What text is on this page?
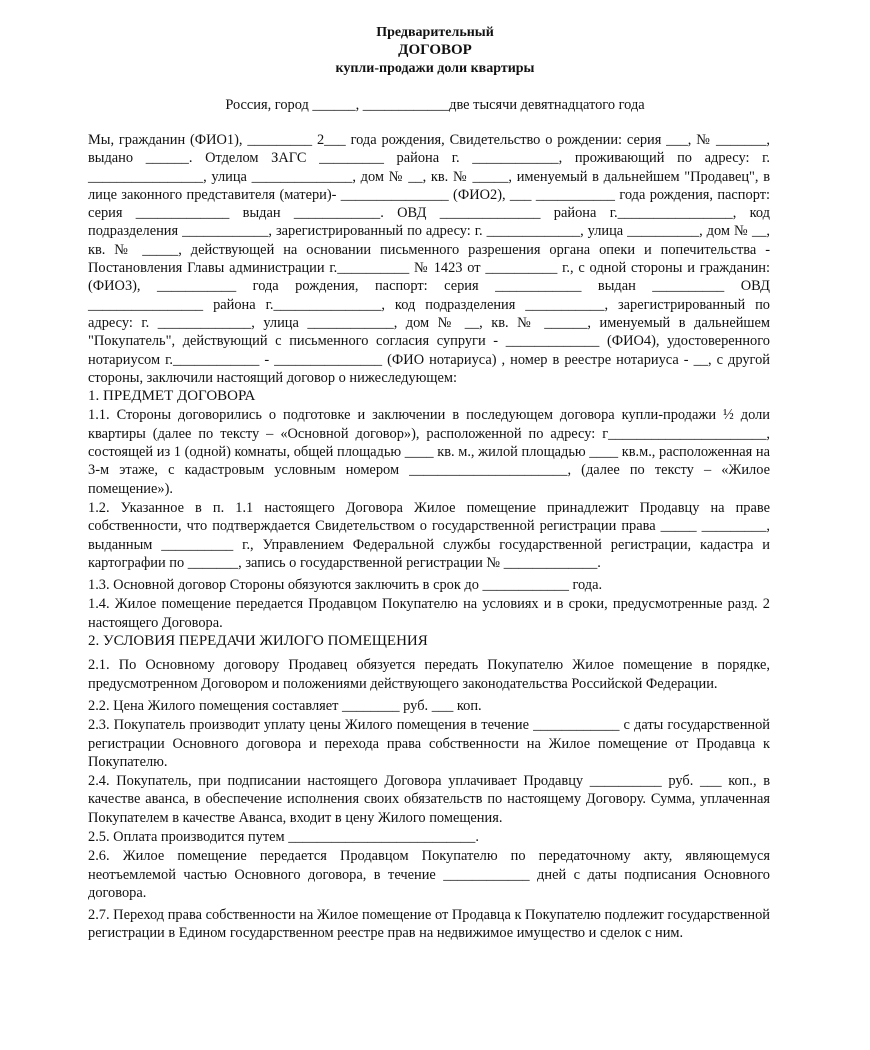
Предварительный
ДОГОВОР
купли-продажи доли квартиры
Россия, город ______, ____________две тысячи девятнадцатого года

Мы, гражданин (ФИО1), _________ 2___ года рождения, Свидетельство о рождении: серия ___, № _______, выдано ______. Отделом ЗАГС _________ района г. ____________, проживающий по адресу: г. ________________, улица ______________, дом № __, кв. № _____, именуемый в дальнейшем "Продавец", в лице законного представителя (матери)- _______________ (ФИО2), ___ ___________ года рождения, паспорт: серия _____________ выдан ____________. ОВД ______________ района г.________________, код подразделения ____________, зарегистрированный по адресу: г. _____________, улица __________, дом № __, кв. № _____, действующей на основании письменного разрешения органа опеки и попечительства - Постановления Главы администрации г.__________ № 1423 от __________ г., с одной стороны и гражданин: (ФИО3), ___________ года рождения, паспорт: серия ____________ выдан __________ ОВД ________________ района г._______________, код подразделения ___________, зарегистрированный по адресу: г. _____________, улица ____________, дом № __, кв. № ______, именуемый в дальнейшем "Покупатель", действующий с письменного согласия супруги - _____________ (ФИО4), удостоверенного нотариусом г.____________ - _______________ (ФИО нотариуса) , номер в реестре нотариуса - __, с другой стороны, заключили настоящий договор о нижеследующем:

1. ПРЕДМЕТ ДОГОВОРА

1.1. Стороны договорились о подготовке и заключении в последующем договора купли-продажи ½ доли квартиры (далее по тексту – «Основной договор»), расположенной по адресу: г______________________, состоящей из 1 (одной) комнаты, общей площадью ____ кв. м., жилой площадью ____ кв.м., расположенная на 3-м этаже, с кадастровым условным номером ______________________, (далее по тексту – «Жилое помещение»).

1.2. Указанное в п. 1.1 настоящего Договора Жилое помещение принадлежит Продавцу на праве собственности, что подтверждается Свидетельством о государственной регистрации права _____ _________, выданным __________ г., Управлением Федеральной службы государственной регистрации, кадастра и картографии по _______, запись о государственной регистрации № _____________.

1.3. Основной договор Стороны обязуются заключить в срок до ____________ года.

1.4. Жилое помещение передается Продавцом Покупателю на условиях и в сроки, предусмотренные разд. 2 настоящего Договора.

2. УСЛОВИЯ ПЕРЕДАЧИ ЖИЛОГО ПОМЕЩЕНИЯ

2.1. По Основному договору Продавец обязуется передать Покупателю Жилое помещение в порядке, предусмотренном Договором и положениями действующего законодательства Российской Федерации.

2.2. Цена Жилого помещения составляет ________ руб. ___ коп.

2.3. Покупатель производит уплату цены Жилого помещения в течение ____________ с даты государственной регистрации Основного договора и перехода права собственности на Жилое помещение от Продавца к Покупателю.

2.4. Покупатель, при подписании настоящего Договора уплачивает Продавцу __________ руб. ___ коп., в качестве аванса, в обеспечение исполнения своих обязательств по настоящему Договору. Сумма, уплаченная Покупателем в качестве Аванса, входит в цену Жилого помещения.

2.5. Оплата производится путем __________________________.

2.6. Жилое помещение передается Продавцом Покупателю по передаточному акту, являющемуся неотъемлемой частью Основного договора, в течение ____________ дней с даты подписания Основного договора.

2.7. Переход права собственности на Жилое помещение от Продавца к Покупателю подлежит государственной регистрации в Едином государственном реестре прав на недвижимое имущество и сделок с ним.
